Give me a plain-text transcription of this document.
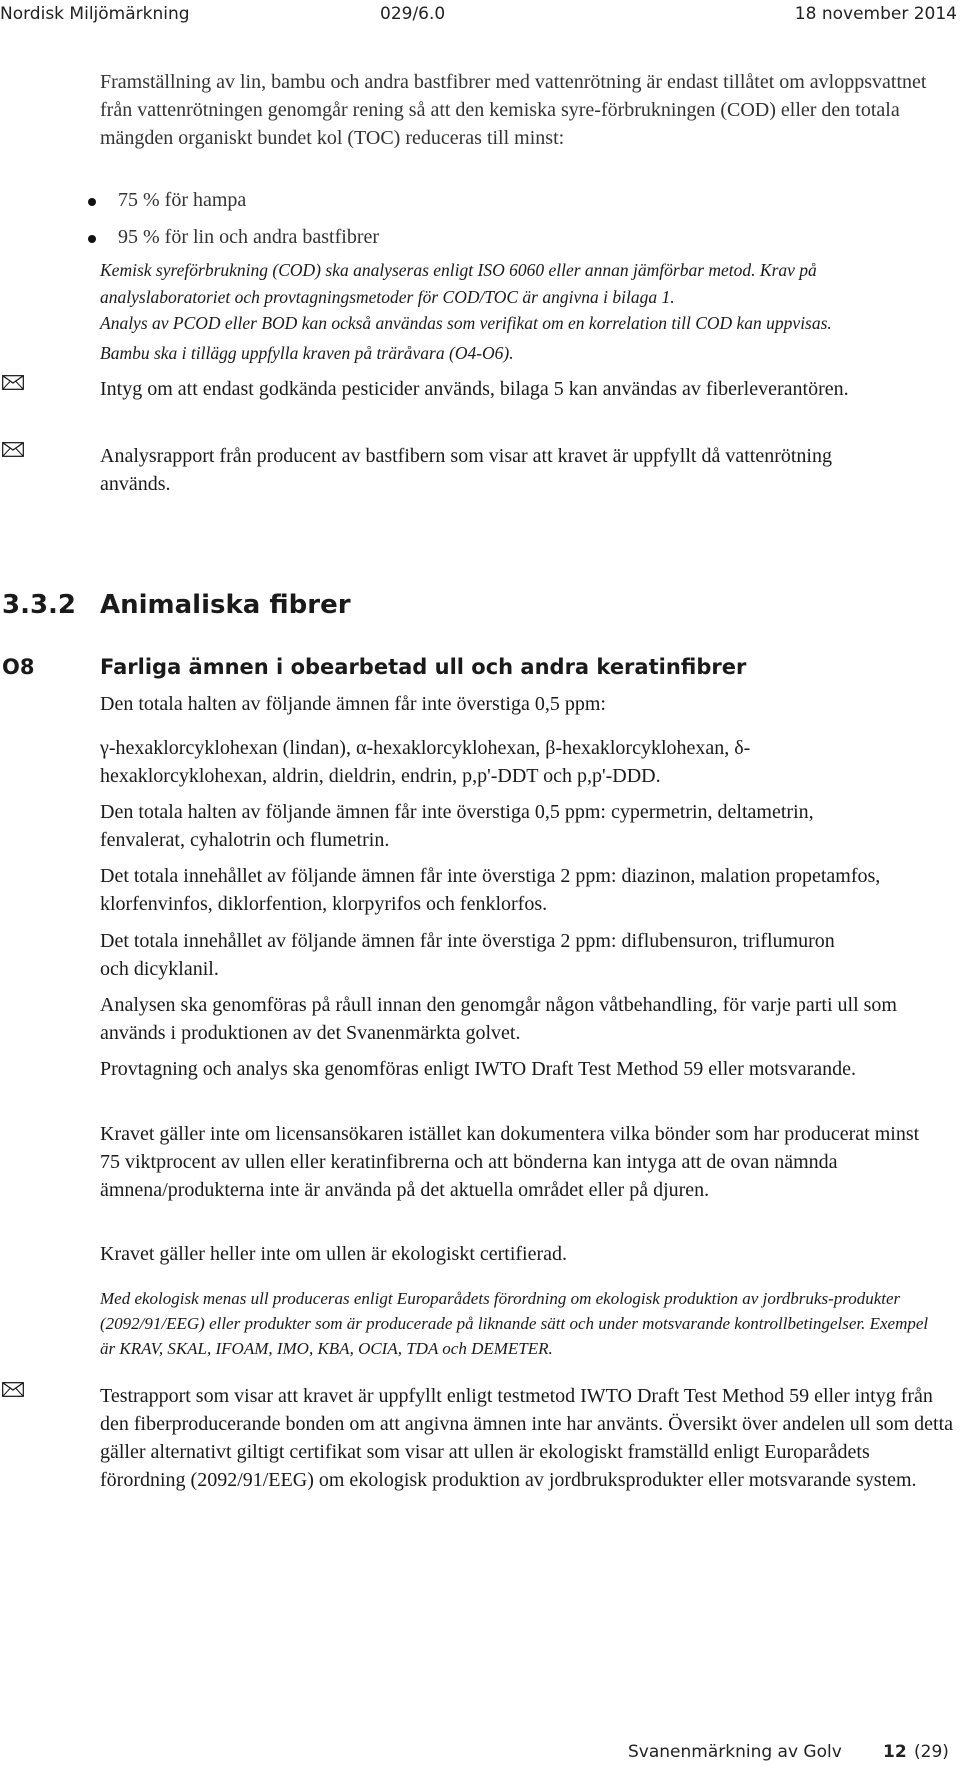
Nordisk Miljömärkning	029/6.0	18 november 2014

Framställning av lin, bambu och andra bastfibrer med vattenrötning är endast tillåtet om avloppsvattnet från vattenrötningen genomgår rening så att den kemiska syre-förbrukningen (COD) eller den totala mängden organiskt bundet kol (TOC) reduceras till minst:

75 % för hampa
95 % för lin och andra bastfibrer

Kemisk syreförbrukning (COD) ska analyseras enligt ISO 6060 eller annan jämförbar metod. Krav på analyslaboratoriet och provtagningsmetoder för COD/TOC är angivna i bilaga 1.

Analys av PCOD eller BOD kan också användas som verifikat om en korrelation till COD kan uppvisas.

Bambu ska i tillägg uppfylla kraven på träråvara (O4-O6).

Intyg om att endast godkända pesticider används, bilaga 5 kan användas av fiberleverantören.

Analysrapport från producent av bastfibern som visar att kravet är uppfyllt då vattenrötning används.

3.3.2 Animaliska fibrer
O8	Farliga ämnen i obearbetad ull och andra keratinfibrer

Den totala halten av följande ämnen får inte överstiga 0,5 ppm:

γ-hexaklorcyklohexan (lindan), α-hexaklorcyklohexan, β-hexaklorcyklohexan, δ-hexaklorcyklohexan, aldrin, dieldrin, endrin, p,p'-DDT och p,p'-DDD.

Den totala halten av följande ämnen får inte överstiga 0,5 ppm: cypermetrin, deltametrin, fenvalerat, cyhalotrin och flumetrin.

Det totala innehållet av följande ämnen får inte överstiga 2 ppm: diazinon, malation propetamfos, klorfenvinfos, diklorfention, klorpyrifos och fenklorfos.

Det totala innehållet av följande ämnen får inte överstiga 2 ppm: diflubensuron, triflumuron och dicyklanil.

Analysen ska genomföras på råull innan den genomgår någon våtbehandling, för varje parti ull som används i produktionen av det Svanenmärkta golvet.

Provtagning och analys ska genomföras enligt IWTO Draft Test Method 59 eller motsvarande.

Kravet gäller inte om licensansökaren istället kan dokumentera vilka bönder som har producerat minst 75 viktprocent av ullen eller keratinfibrerna och att bönderna kan intyga att de ovan nämnda ämnena/produkterna inte är använda på det aktuella området eller på djuren.

Kravet gäller heller inte om ullen är ekologiskt certifierad.

Med ekologisk menas ull produceras enligt Europarådets förordning om ekologisk produktion av jordbruks-produkter (2092/91/EEG) eller produkter som är producerade på liknande sätt och under motsvarande kontrollbetingelser. Exempel är KRAV, SKAL, IFOAM, IMO, KBA, OCIA, TDA och DEMETER.

Testrapport som visar att kravet är uppfyllt enligt testmetod IWTO Draft Test Method 59 eller intyg från den fiberproducerande bonden om att angivna ämnen inte har använts. Översikt över andelen ull som detta gäller alternativt giltigt certifikat som visar att ullen är ekologiskt framställd enligt Europarådets förordning (2092/91/EEG) om ekologisk produktion av jordbruksprodukter eller motsvarande system.

Svanenmärkning av Golv 12 (29)
